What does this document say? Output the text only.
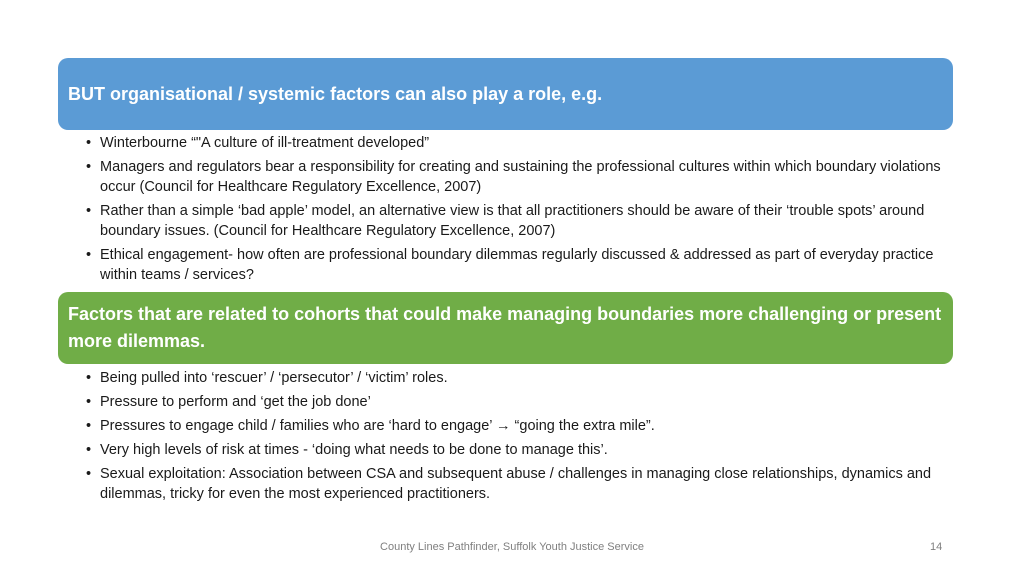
BUT organisational / systemic factors can also play a role, e.g.
• Winterbourne “"A culture of ill-treatment developed”
• Managers and regulators bear a responsibility for creating and sustaining the professional cultures within which boundary violations occur (Council for Healthcare Regulatory Excellence, 2007)
• Rather than a simple ‘bad apple’ model, an alternative view is that all practitioners should be aware of their ‘trouble spots’ around boundary issues. (Council for Healthcare Regulatory Excellence, 2007)
• Ethical engagement- how often are professional boundary dilemmas regularly discussed & addressed as part of everyday practice within teams / services?
Factors that are related to cohorts that could make managing boundaries more challenging or present more dilemmas.
• Being pulled into ‘rescuer’ / ‘persecutor’ / ‘victim’ roles.
• Pressure to perform and ‘get the job done’
• Pressures to engage child / families who are ‘hard to engage’ → “going the extra mile”.
• Very high levels of risk at times - ‘doing what needs to be done to manage this’.
• Sexual exploitation: Association between CSA and subsequent abuse / challenges in managing close relationships, dynamics and dilemmas, tricky for even the most experienced practitioners.
County Lines Pathfinder, Suffolk Youth Justice Service	14
